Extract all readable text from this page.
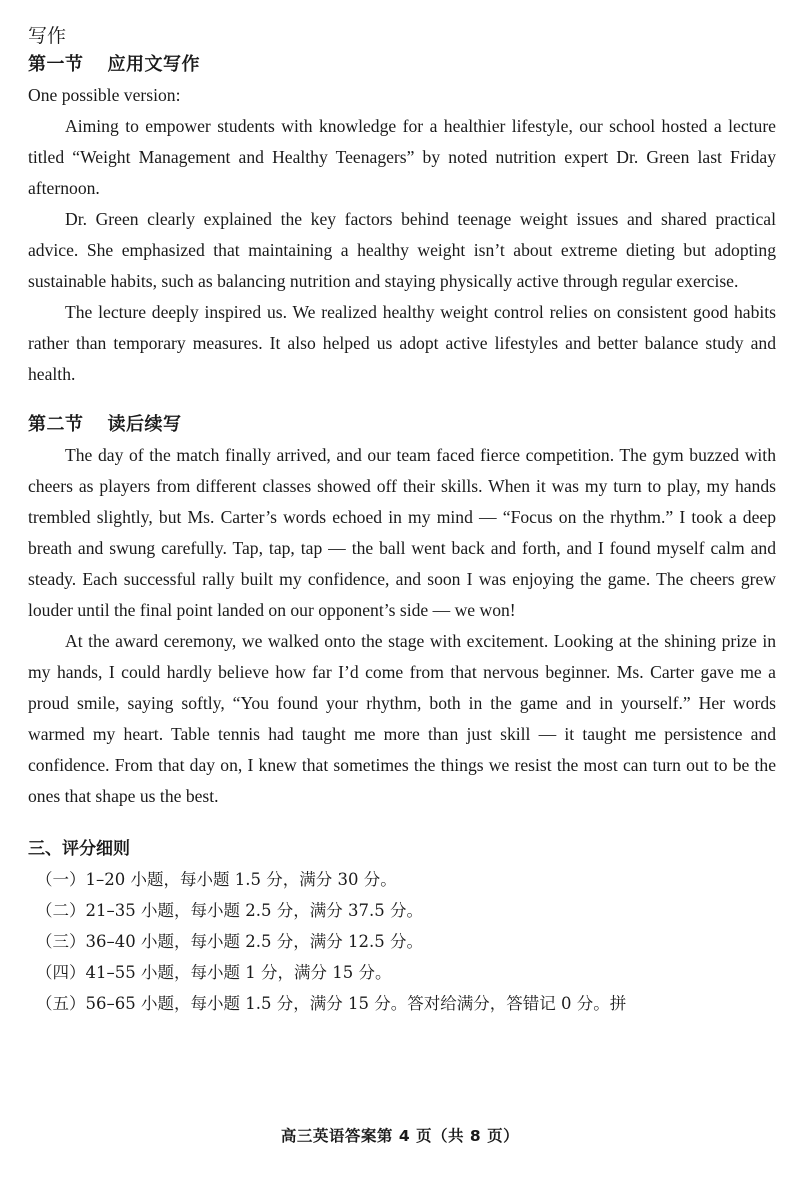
写作
第一节 应用文写作

One possible version:

Aiming to empower students with knowledge for a healthier lifestyle, our school hosted a lecture titled “Weight Management and Healthy Teenagers” by noted nutrition expert Dr. Green last Friday afternoon.

Dr. Green clearly explained the key factors behind teenage weight issues and shared practical advice. She emphasized that maintaining a healthy weight isn’t about extreme dieting but adopting sustainable habits, such as balancing nutrition and staying physically active through regular exercise.

The lecture deeply inspired us. We realized healthy weight control relies on consistent good habits rather than temporary measures. It also helped us adopt active lifestyles and better balance study and health.

第二节 读后续写

The day of the match finally arrived, and our team faced fierce competition. The gym buzzed with cheers as players from different classes showed off their skills. When it was my turn to play, my hands trembled slightly, but Ms. Carter’s words echoed in my mind — “Focus on the rhythm.” I took a deep breath and swung carefully. Tap, tap, tap — the ball went back and forth, and I found myself calm and steady. Each successful rally built my confidence, and soon I was enjoying the game. The cheers grew louder until the final point landed on our opponent’s side — we won!

At the award ceremony, we walked onto the stage with excitement. Looking at the shining prize in my hands, I could hardly believe how far I’d come from that nervous beginner. Ms. Carter gave me a proud smile, saying softly, “You found your rhythm, both in the game and in yourself.” Her words warmed my heart. Table tennis had taught me more than just skill — it taught me persistence and confidence. From that day on, I knew that sometimes the things we resist the most can turn out to be the ones that shape us the best.

三、评分细则
（一）1–20 小题，每小题 1.5 分，满分 30 分。
（二）21–35 小题，每小题 2.5 分，满分 37.5 分。
（三）36–40 小题，每小题 2.5 分，满分 12.5 分。
（四）41–55 小题，每小题 1 分，满分 15 分。
（五）56–65 小题，每小题 1.5 分，满分 15 分。答对给满分，答错记 0 分。拼
高三英语答案第 4 页（共 8 页）
